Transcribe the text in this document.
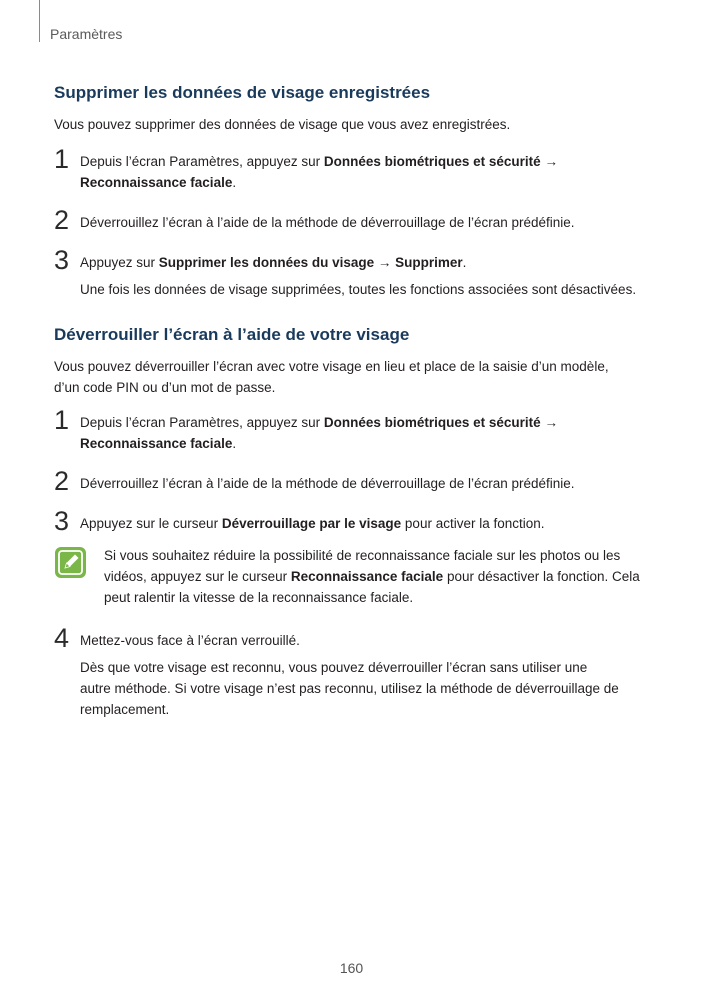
Paramètres
Supprimer les données de visage enregistrées

Vous pouvez supprimer des données de visage que vous avez enregistrées.

1 Depuis l’écran Paramètres, appuyez sur Données biométriques et sécurité → Reconnaissance faciale.
2 Déverrouillez l’écran à l’aide de la méthode de déverrouillage de l’écran prédéfinie.
3 Appuyez sur Supprimer les données du visage → Supprimer.
Une fois les données de visage supprimées, toutes les fonctions associées sont désactivées.
Déverrouiller l’écran à l’aide de votre visage

Vous pouvez déverrouiller l’écran avec votre visage en lieu et place de la saisie d’un modèle, d’un code PIN ou d’un mot de passe.

1 Depuis l’écran Paramètres, appuyez sur Données biométriques et sécurité → Reconnaissance faciale.
2 Déverrouillez l’écran à l’aide de la méthode de déverrouillage de l’écran prédéfinie.
3 Appuyez sur le curseur Déverrouillage par le visage pour activer la fonction.
Si vous souhaitez réduire la possibilité de reconnaissance faciale sur les photos ou les vidéos, appuyez sur le curseur Reconnaissance faciale pour désactiver la fonction. Cela peut ralentir la vitesse de la reconnaissance faciale.
4 Mettez-vous face à l’écran verrouillé.
Dès que votre visage est reconnu, vous pouvez déverrouiller l’écran sans utiliser une autre méthode. Si votre visage n’est pas reconnu, utilisez la méthode de déverrouillage de remplacement.
160
